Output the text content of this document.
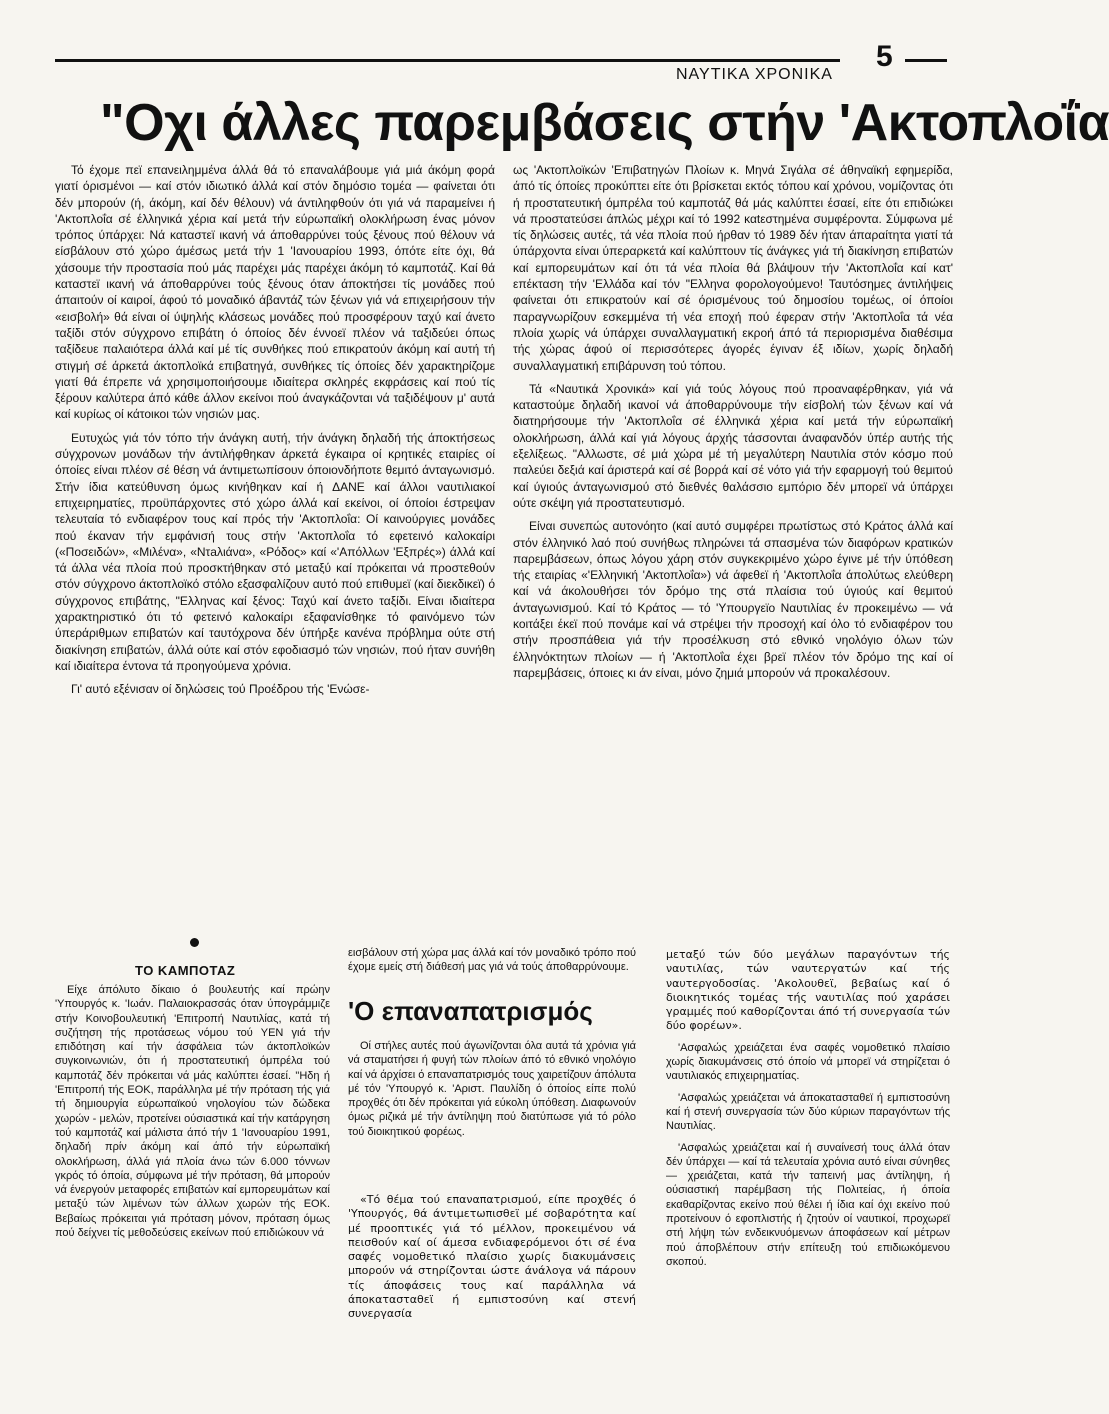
5
ΝΑΥΤΙΚΑ ΧΡΟΝΙΚΑ
"Οχι άλλες παρεμβάσεις στήν 'Ακτοπλοΐα

Τό έχομε πεϊ επανειλημμένα άλλά θά τό επαναλάβουμε γιά μιά άκόμη φορά γιατί όρισμένοι — καί στόν ιδιωτικό άλλά καί στόν δημόσιο τομέα — φαίνεται ότι δέν μπορούν (ή, άκόμη, καί δέν θέλουν) νά άντιληφθούν ότι γιά νά παραμείνει ή 'Ακτοπλοΐα σέ έλληνικά χέρια καί μετά τήν εύρωπαϊκή ολοκλήρωση ένας μόνον τρόπος ύπάρχει: Νά καταστεϊ ικανή νά άποθαρρύνει τούς ξένους πού θέλουν νά είσβάλουν στό χώρο άμέσως μετά τήν 1 'Ιανουαρίου 1993, όπότε είτε όχι, θά χάσουμε τήν προστασία πού μάς παρέχει μάς παρέχει άκόμη τό καμποτάζ. Καί θά καταστεϊ ικανή νά άποθαρρύνει τούς ξένους όταν άποκτήσει τίς μονάδες πού άπαιτούν οί καιροί, άφού τό μοναδικό άβαντάζ τών ξένων γιά νά επιχειρήσουν τήν «εισβολή» θά είναι οί ύψηλής κλάσεως μονάδες πού προσφέρουν ταχύ καί άνετο ταξίδι στόν σύγχρονο επιβάτη ό όποίος δέν έννοεϊ πλέον νά ταξιδεύει όπως ταξίδευε παλαιότερα άλλά καί μέ τίς συνθήκες πού επικρατούν άκόμη καί αυτή τή στιγμή σέ άρκετά άκτοπλοϊκά επιβατηγά, συνθήκες τίς όποίες δέν χαρακτηρίζομε γιατί θά έπρεπε νά χρησιμοποιήσουμε ιδιαίτερα σκληρές εκφράσεις καί πού τίς ξέρουν καλύτερα άπό κάθε άλλον εκείνοι πού άναγκάζονται νά ταξιδέψουν μ' αυτά καί κυρίως οί κάτοικοι τών νησιών μας.

Ευτυχώς γιά τόν τόπο τήν άνάγκη αυτή, τήν άνάγκη δηλαδή τής άποκτήσεως σύγχρονων μονάδων τήν άντιλήφθηκαν άρκετά έγκαιρα οί κρητικές εταιρίες οί όποίες είναι πλέον σέ θέση νά άντιμετωπίσουν όποιονδήποτε θεμιτό άνταγωνισμό. Στήν ίδια κατεύθυνση όμως κινήθηκαν καί ή ΔΑΝΕ καί άλλοι ναυτιλιακοί επιχειρηματίες, προϋπάρχοντες στό χώρο άλλά καί εκείνοι, οί όποίοι έστρεψαν τελευταία τό ενδιαφέρον τους καί πρός τήν 'Ακτοπλοΐα: Οί καινούργιες μονάδες πού έκαναν τήν εμφάνισή τους στήν 'Ακτοπλοΐα τό εφετεινό καλοκαίρι («Ποσειδών», «Μιλένα», «Ντaλιάνα», «Ρόδος» καί «'Απόλλων 'Εξπρές») άλλά καί τά άλλα νέα πλοία πού προσκτήθηκαν στό μεταξύ καί πρόκειται νά προστεθούν στόν σύγχρονο άκτοπλοϊκό στόλο εξασφαλίζουν αυτό πού επιθυμεϊ (καί διεκδικεϊ) ό σύγχρονος επιβάτης, "Ελληνας καί ξένος: Ταχύ καί άνετο ταξίδι. Είναι ιδιαίτερα χαρακτηριστικό ότι τό φετεινό καλοκαίρι εξαφανίσθηκε τό φαινόμενο τών ύπεράριθμων επιβατών καί ταυτόχρονα δέν ύπήρξε κανένα πρόβλημα ούτε στή διακίνηση επιβατών, άλλά ούτε καί στόν εφοδιασμό τών νησιών, πού ήταν συνήθη καί ιδιαίτερα έντονα τά προηγούμενα χρόνια.

Γι' αυτό εξένισαν οί δηλώσεις τού Προέδρου τής 'Ενώσε-

ως 'Ακτοπλοϊκών 'Επιβατηγών Πλοίων κ. Μηνά Σιγάλα σέ άθηναϊκή εφημερίδα, άπό τίς όποίες προκύπτει είτε ότι βρίσκεται εκτός τόπου καί χρόνου, νομίζοντας ότι ή προστατευτική όμπρέλα τού καμποτάζ θά μάς καλύπτει έσαεί, είτε ότι επιδιώκει νά προστατεύσει άπλώς μέχρι καί τό 1992 καtεστημένα συμφέροντα. Σύμφωνα μέ τίς δηλώσεις αυτές, τά νέα πλοία πού ήρθαν τό 1989 δέν ήταν άπαραίτητα γιατί τά ύπάρχοντα είναι ύπεραρκετά καί καλύπτουν τίς άνάγκες γιά τή διακίνηση επιβατών καί εμπορευμάτων καί ότι τά νέα πλοία θά βλάψουν τήν 'Ακτοπλοΐα καί κατ' επέκταση τήν 'Ελλάδα καί τόν "Ελληνα φορολογούμενο! Ταυτόσημες άντιλήψεις φαίνεται ότι επικρατούν καί σέ όρισμένους τού δημοσίου τομέως, οί όποίοι παραγνωρίζουν εσκεμμένα τή νέα εποχή πού έφεραν στήν 'Ακτοπλοΐα τά νέα πλοία χωρίς νά ύπάρχει συναλλαγματική εκροή άπό τά περιορισμένα διαθέσιμα τής χώρας άφού οί περισσότερες άγορές έγιναν έξ ιδίων, χωρίς δηλαδή συναλλαγματική επιβάρυνση τού τόπου.

Τά «Ναυτικά Χρονικά» καί γιά τούς λόγους πού προαναφέρθηκαν, γιά νά καταστούμε δηλαδή ικανοί νά άποθαρρύνουμε τήν είσβολή τών ξένων καί νά διατηρήσουμε τήν 'Ακτοπλοΐα σέ έλληνικά χέρια καί μετά τήν εύρωπαϊκή ολοκλήρωση, άλλά καί γιά λόγους άρχής τάσσονται άναφανδόν ύπέρ αυτής τής εξελίξεως. "Αλλωστε, σέ μιά χώρα μέ τή μεγαλύτερη Ναυτιλία στόν κόσμο πού παλεύει δεξιά καί άριστερά καί σέ βορρά καί σέ νότο γιά τήν εφαρμογή τού θεμιτού καί ύγιούς άνταγωνισμού στό διεθνές θαλάσσιο εμπόριο δέν μπορεϊ νά ύπάρχει ούτε σκέψη γιά προστατευτισμό.

Είναι συνεπώς αυτονόητο (καί αυτό συμφέρει πρωτίστως στό Κράτος άλλά καί στόν έλληνικό λαό πού συνήθως πληρώνει τά σπασμένα τών διαφόρων κρατικών παρεμβάσεων, όπως λόγου χάρη στόν συγκεκριμένο χώρο έγινε μέ τήν ύπόθεση τής εταιρίας «'Ελληνική 'Ακτοπλοΐα») νά άφεθεϊ ή 'Ακτοπλοΐα άπολύτως ελεύθερη καί νά άκολουθήσει τόν δρόμο της στά πλαίσια τού ύγιούς καί θεμιτού άνταγωνισμού. Καί τό Κράτος — τό 'Υπουργεϊο Ναυτιλίας έν προκειμένω — νά κοιτάξει έκεϊ πού πονάμε καί νά στρέψει τήν προσοχή καί όλο τό ενδιαφέρον του στήν προσπάθεια γιά τήν προσέλκυση στό εθνικό νηολόγιο όλων τών έλληνόκτητων πλοίων — ή 'Ακτοπλοΐα έχει βρεϊ πλέον τόν δρόμο της καί οί παρεμβάσεις, όποιες κι άν είναι, μόνο ζημιά μπορούν νά προκαλέσουν.

ΤΟ ΚΑΜΠΟΤΑΖ

Είχε άπόλυτο δίκαιο ό βουλευτής καί πρώην 'Υπουργός κ. 'Ιωάν. Παλαιοκρασσάς όταν ύπογράμμιζε στήν Κοινοβουλευτική 'Επιτροπή Ναυτιλίας, κατά τή συζήτηση τής προτάσεως νόμου τού ΥΕΝ γιά τήν επιδότηση καί τήν άσφάλεια τών άκτοπλοϊκών συγκοινωνιών, ότι ή προστατευτική όμπρέλα τού καμποτάζ δέν πρόκειται νά μάς καλύπτει έσαεί. "Ηδη ή 'Επιτροπή τής ΕΟΚ, παράλληλα μέ τήν πρόταση τής γιά τή δημιουργία εύρωπαϊκού νηολογίου τών δώδεκα χωρών - μελών, προτείνει ούσιαστικά καί τήν κατάργηση τού καμποτάζ καί μάλιστα άπό τήν 1 'Ιανουαρίου 1991, δηλαδή πρίν άκόμη καί άπό τήν εύρωπαϊκή ολοκλήρωση, άλλά γιά πλοία άνω τών 6.000 τόννων γκρός τό όποία, σύμφωνα μέ τήν πρόταση, θά μπορούν νά ένεργούν μεταφορές επιβατών καί εμπορευμάτων καί μεταξύ τών λιμένων τών άλλων χωρών τής ΕΟΚ. Βεβαίως πρόκειται γιά πρόταση μόνον, πρόταση όμως πού δείχνει τίς μεθοδεύσεις εκείνων πού επιδιώκουν νά

εισβάλουν στή χώρα μας άλλά καί τόν μοναδικό τρόπο πού έχομε εμείς στή διάθεσή μας γιά νά τούς άποθαρρύνουμε.

'Ο επαναπατρισμός

Οί στήλες αυτές πού άγωνίζονται όλα αυτά τά χρόνια γιά νά σταματήσει ή φυγή τών πλοίων άπό τό εθνικό νηολόγιο καί νά άρχίσει ό επαναπατρισμός τους χαιρετίζουν άπόλυτα μέ τόν 'Υπουργό κ. 'Αριστ. Παυλίδη ό όποίος είπε πολύ προχθές ότι δέν πρόκειται γιά εύκολη ύπόθεση. Διαφωνούν όμως ριζικά μέ τήν άντίληψη πού διατύπωσε γιά τό ρόλο τού διοικητικού φορέως.

«Τό θέμα τού επαναπατρισμού, είπε προχθές ό 'Υπουργός, θά άντιμετωπισθεϊ μέ σοβαρότητα καί μέ προοπτικές γιά τό μέλλον, προκειμένου νά πεισθούν καί οί άμεσα ενδιαφερόμενοι ότι σέ ένα σαφές νομοθετικό πλαίσιο χωρίς διακυμάνσεις μπορούν νά στηρίζονται ώστε άνάλογα νά πάρουν τίς άποφάσεις τους καί παράλληλα νά άποκατασταθεϊ ή εμπιστοσύνη καί στενή συνεργασία

μεταξύ τών δύο μεγάλων παραγόντων τής ναυτιλίας, τών ναυτεργατών καί τής ναυτεργοδοσίας. 'Ακολουθεϊ, βεβαίως καί ό διοικητικός τομέας τής ναυτιλίας πού χαράσει γραμμές πού καθορίζονται άπό τή συνεργασία τών δύο φορέων».

'Ασφαλώς χρειάζεται ένα σαφές νομοθετικό πλαίσιο χωρίς διακυμάνσεις στό όποίο νά μπορεϊ νά στηρίζεται ό ναυτιλιακός επιχειρηματίας.

'Ασφαλώς χρειάζεται νά άποκατασταθεϊ ή εμπιστοσύνη καί ή στενή συνεργασία τών δύο κύριων παραγόντων τής Ναυτιλίας.

'Ασφαλώς χρειάζεται καί ή συναίνεσή τους άλλά όταν δέν ύπάρχει — καί τά τελευταία χρόνια αυτό είναι σύνηθες — χρειάζεται, κατά τήν ταπεινή μας άντίληψη, ή ούσιαστική παρέμβαση τής Πολιτείας, ή όποία εκαθαρίζοντας εκείνο πού θέλει ή ίδια καί όχι εκείνο πού προτείνουν ό εφοπλιστής ή ζητούν οί ναυτικοί, προχωρεϊ στή λήψη τών ενδεικνυόμενων άποφάσεων καί μέτρων πού άποβλέπουν στήν επίτευξη τού επιδιωκόμενου σκοπού.
